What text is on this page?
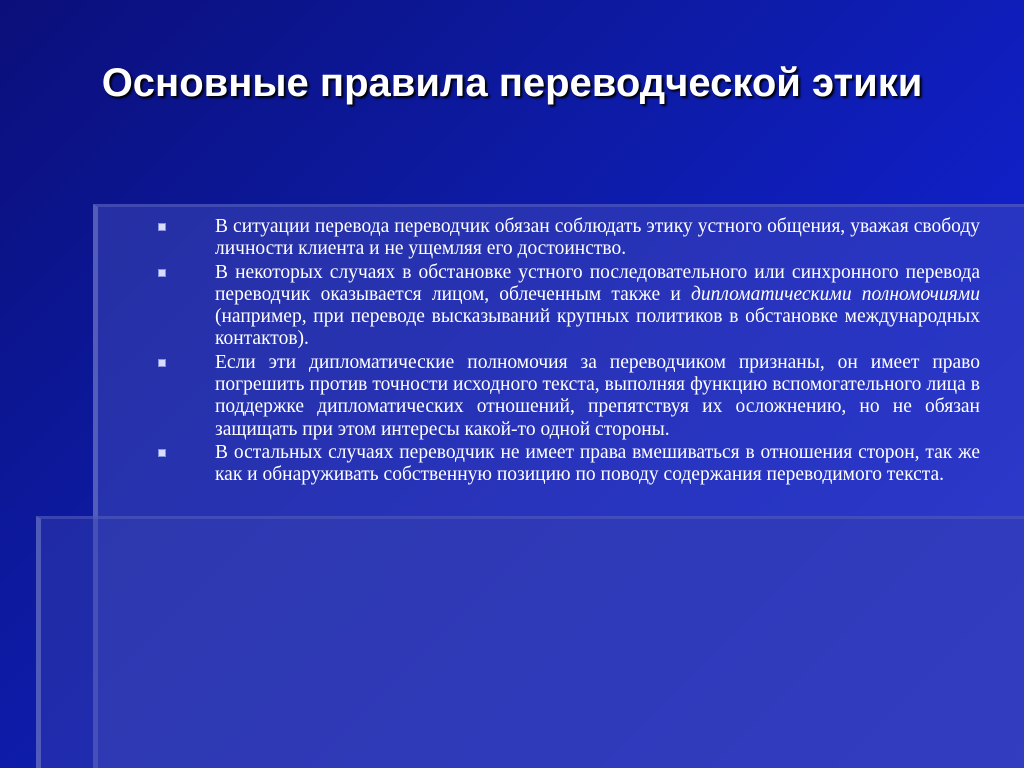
Основные правила переводческой этики
В ситуации перевода переводчик обязан соблюдать этику устного общения, уважая свободу личности клиента и не ущемляя его достоинство.
В некоторых случаях в обстановке устного последовательного или синхронного перевода переводчик оказывается лицом, облеченным также и дипломатическими полномочиями (например, при переводе высказываний крупных политиков в обстановке международных контактов).
Если эти дипломатические полномочия за переводчиком признаны, он имеет право погрешить против точности исходного текста, выполняя функцию вспомогательного лица в поддержке дипломатических отношений, препятствуя их осложнению, но не обязан защищать при этом интересы какой-то одной стороны.
В остальных случаях переводчик не имеет права вмешиваться в отношения сторон, так же как и обнаруживать собственную позицию по поводу содержания переводимого текста.
